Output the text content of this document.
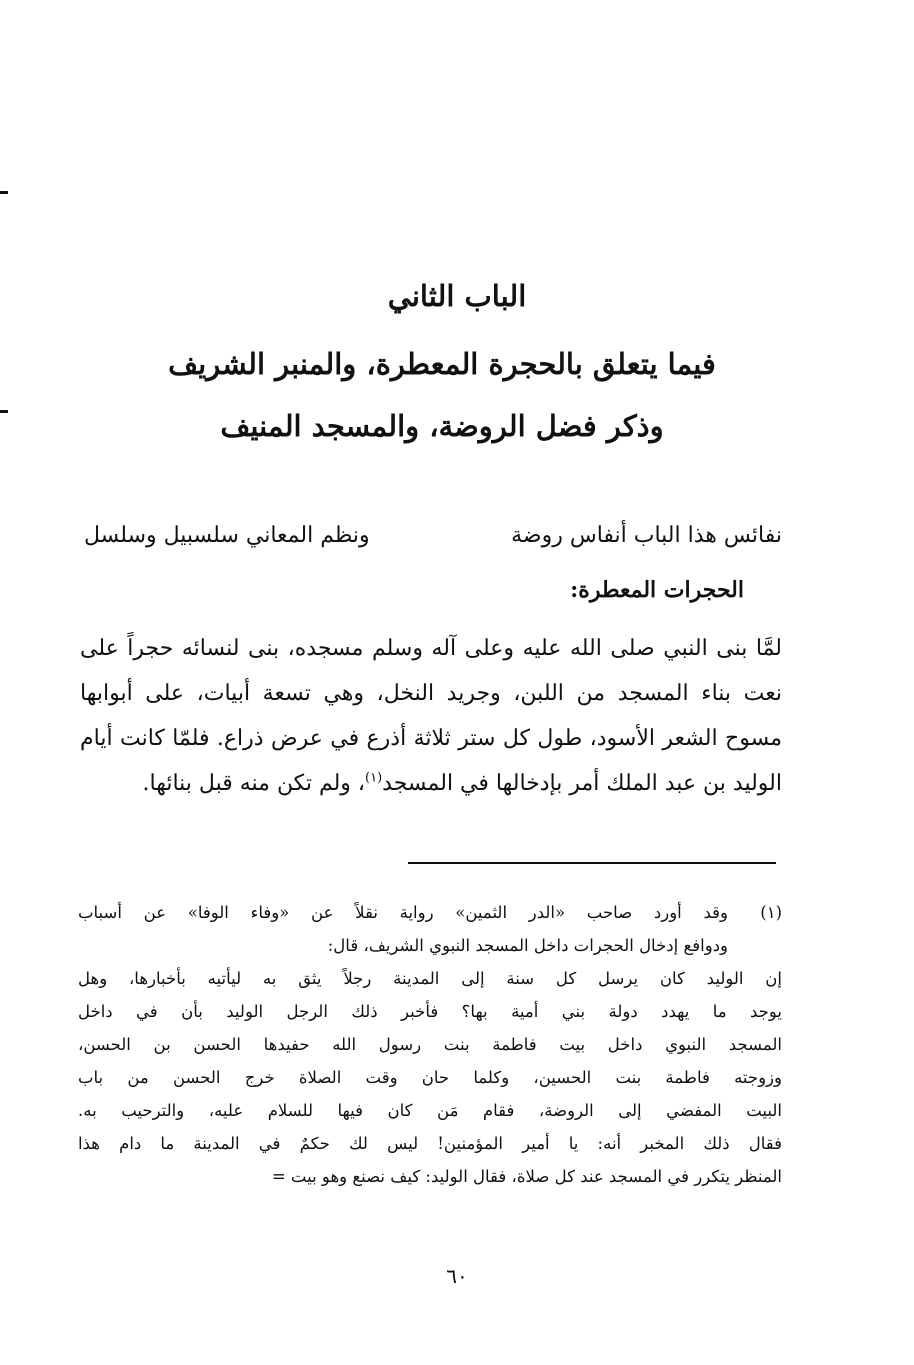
الباب الثاني
فيما يتعلق بالحجرة المعطرة، والمنبر الشريف
وذكر فضل الروضة، والمسجد المنيف
نفائس هذا الباب أنفاس روضة
ونظم المعاني سلسبيل وسلسل
الحجرات المعطرة:

لمَّا بنى النبي صلى الله عليه وعلى آله وسلم مسجده، بنى لنسائه حجراً على نعت بناء المسجد من اللبن، وجريد النخل، وهي تسعة أبيات، على أبوابها مسوح الشعر الأسود، طول كل ستر ثلاثة أذرع في عرض ذراع. فلمّا كانت أيام الوليد بن عبد الملك أمر بإدخالها في المسجد$^{(١)}$، ولم تكن منه قبل بنائها.

(١)
وقد أورد صاحب «الدر الثمين» رواية نقلاً عن «وفاء الوفا» عن أسباب
ودوافع إدخال الحجرات داخل المسجد النبوي الشريف، قال:
إن الوليد كان يرسل كل سنة إلى المدينة رجلاً يثق به ليأتيه بأخبارها، وهل
يوجد ما يهدد دولة بني أمية بها؟ فأخبر ذلك الرجل الوليد بأن في داخل
المسجد النبوي داخل بيت فاطمة بنت رسول الله حفيدها الحسن بن الحسن،
وزوجته فاطمة بنت الحسين، وكلما حان وقت الصلاة خرج الحسن من باب
البيت المفضي إلى الروضة، فقام مَن كان فيها للسلام عليه، والترحيب به.
فقال ذلك المخبر أنه: يا أمير المؤمنين! ليس لك حكمٌ في المدينة ما دام هذا
المنظر يتكرر في المسجد عند كل صلاة، فقال الوليد: كيف نصنع وهو بيت =
٦٠
